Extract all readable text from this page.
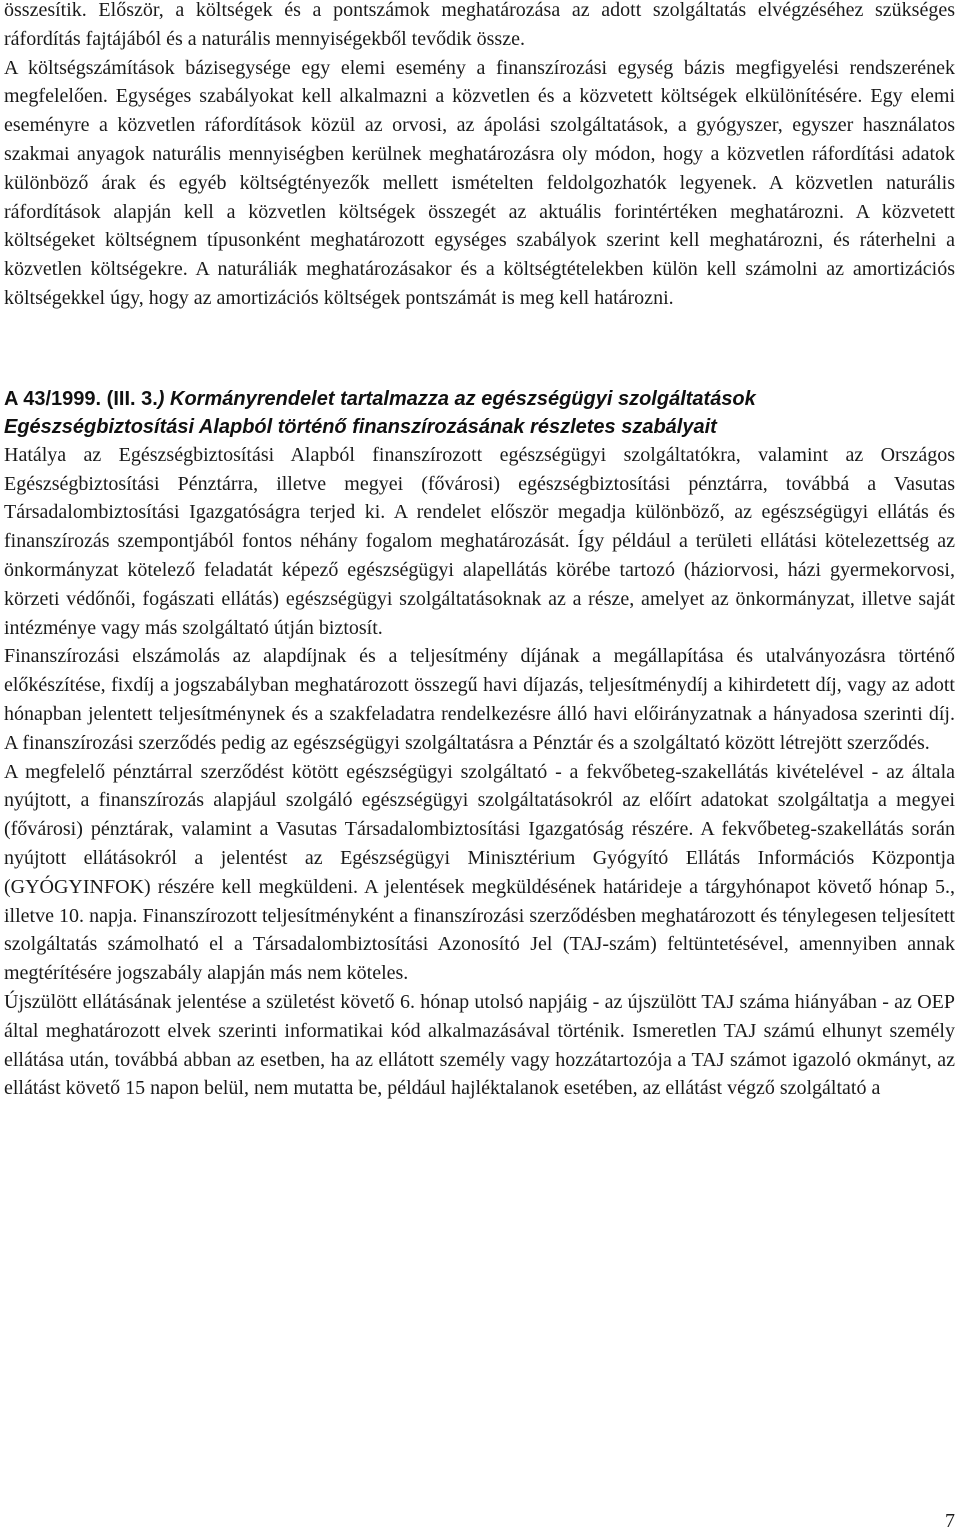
összesítik. Először, a költségek és a pontszámok meghatározása az adott szolgáltatás elvégzéséhez szükséges ráfordítás fajtájából és a naturális mennyiségekből tevődik össze.

A költségszámítások bázisegysége egy elemi esemény a finanszírozási egység bázis megfigyelési rendszerének megfelelően. Egységes szabályokat kell alkalmazni a közvetlen és a közvetett költségek elkülönítésére. Egy elemi eseményre a közvetlen ráfordítások közül az orvosi, az ápolási szolgáltatások, a gyógyszer, egyszer használatos szakmai anyagok naturális mennyiségben kerülnek meghatározásra oly módon, hogy a közvetlen ráfordítási adatok különböző árak és egyéb költségtényezők mellett ismételten feldolgozhatók legyenek. A közvetlen naturális ráfordítások alapján kell a közvetlen költségek összegét az aktuális forintértéken meghatározni. A közvetett költségeket költségnem típusonként meghatározott egységes szabályok szerint kell meghatározni, és ráterhelni a közvetlen költségekre. A naturáliák meghatározásakor és a költségtételekben külön kell számolni az amortizációs költségekkel úgy, hogy az amortizációs költségek pontszámát is meg kell határozni.

A 43/1999. (III. 3.) Kormányrendelet tartalmazza az egészségügyi szolgáltatások
Egészségbiztosítási Alapból történő finanszírozásának részletes szabályait

Hatálya az Egészségbiztosítási Alapból finanszírozott egészségügyi szolgáltatókra, valamint az Országos Egészségbiztosítási Pénztárra, illetve megyei (fővárosi) egészségbiztosítási pénztárra, továbbá a Vasutas Társadalombiztosítási Igazgatóságra terjed ki. A rendelet először megadja különböző, az egészségügyi ellátás és finanszírozás szempontjából fontos néhány fogalom meghatározását. Így például a területi ellátási kötelezettség az önkormányzat kötelező feladatát képező egészségügyi alapellátás körébe tartozó (háziorvosi, házi gyermekorvosi, körzeti védőnői, fogászati ellátás) egészségügyi szolgáltatásoknak az a része, amelyet az önkormányzat, illetve saját intézménye vagy más szolgáltató útján biztosít.

Finanszírozási elszámolás az alapdíjnak és a teljesítmény díjának a megállapítása és utalványozásra történő előkészítése, fixdíj a jogszabályban meghatározott összegű havi díjazás, teljesítménydíj a kihirdetett díj, vagy az adott hónapban jelentett teljesítménynek és a szakfeladatra rendelkezésre álló havi előirányzatnak a hányadosa szerinti díj. A finanszírozási szerződés pedig az egészségügyi szolgáltatásra a Pénztár és a szolgáltató között létrejött szerződés.

A megfelelő pénztárral szerződést kötött egészségügyi szolgáltató - a fekvőbeteg-szakellátás kivételével - az általa nyújtott, a finanszírozás alapjául szolgáló egészségügyi szolgáltatásokról az előírt adatokat szolgáltatja a megyei (fővárosi) pénztárak, valamint a Vasutas Társadalombiztosítási Igazgatóság részére. A fekvőbeteg-szakellátás során nyújtott ellátásokról a jelentést az Egészségügyi Minisztérium Gyógyító Ellátás Információs Központja (GYÓGYINFOK) részére kell megküldeni. A jelentések megküldésének határideje a tárgyhónapot követő hónap 5., illetve 10. napja. Finanszírozott teljesítményként a finanszírozási szerződésben meghatározott és ténylegesen teljesített szolgáltatás számolható el a Társadalombiztosítási Azonosító Jel (TAJ-szám) feltüntetésével, amennyiben annak megtérítésére jogszabály alapján más nem köteles.

Újszülött ellátásának jelentése a születést követő 6. hónap utolsó napjáig - az újszülött TAJ száma hiányában - az OEP által meghatározott elvek szerinti informatikai kód alkalmazásával történik. Ismeretlen TAJ számú elhunyt személy ellátása után, továbbá abban az esetben, ha az ellátott személy vagy hozzátartozója a TAJ számot igazoló okmányt, az ellátást követő 15 napon belül, nem mutatta be, például hajléktalanok esetében, az ellátást végző szolgáltató a

7
